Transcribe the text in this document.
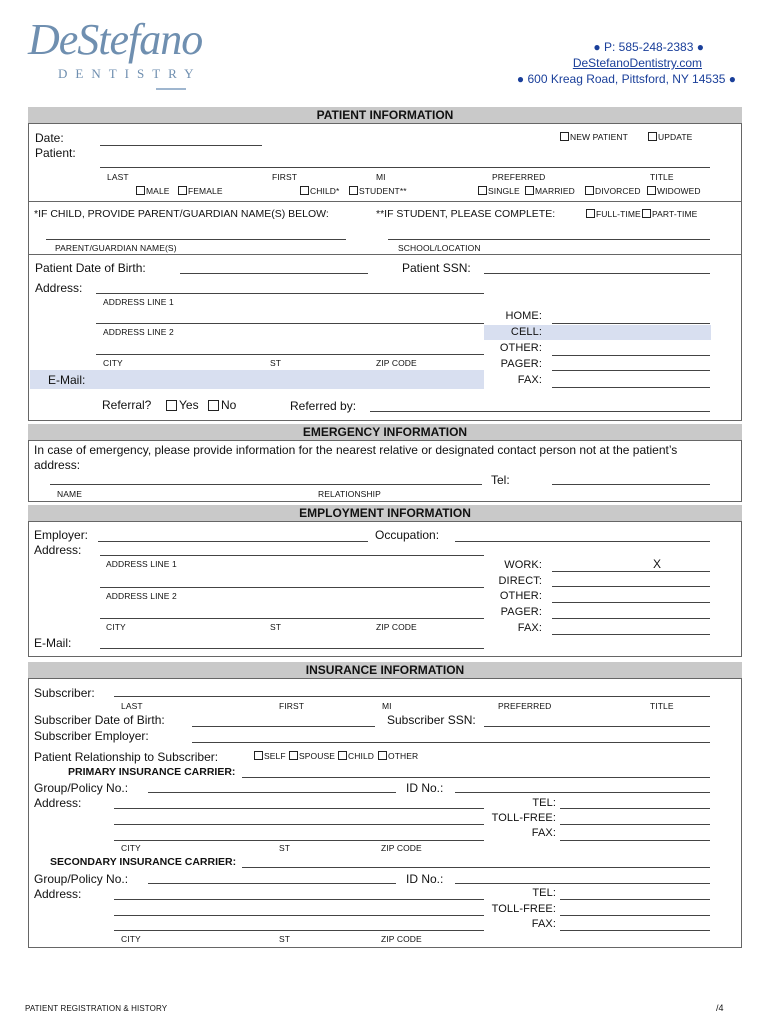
DeStefano
DENTISTRY
● P: 585-248-2383 ●
DeStefanoDentistry.com
● 600 Kreag Road, Pittsford, NY 14535 ●
PATIENT INFORMATION
Date:
Patient:
NEW PATIENT	UPDATE
LAST	FIRST	MI	PREFERRED	TITLE
MALE	FEMALE	CHILD*	STUDENT**	SINGLE	MARRIED	DIVORCED	WIDOWED
*IF CHILD, PROVIDE PARENT/GUARDIAN NAME(S) BELOW:	**IF STUDENT, PLEASE COMPLETE:	FULL-TIME	PART-TIME
PARENT/GUARDIAN NAME(S)	SCHOOL/LOCATION
Patient Date of Birth:	Patient SSN:
Address:
ADDRESS LINE 1
ADDRESS LINE 2
CITY	ST	ZIP CODE
E-Mail:
HOME:
CELL:
OTHER:
PAGER:
FAX:
Referral?	Yes	No	Referred by:
EMERGENCY INFORMATION
In case of emergency, please provide information for the nearest relative or designated contact person not at the patient’s
address:
Tel:
NAME	RELATIONSHIP
EMPLOYMENT INFORMATION
Employer:	Occupation:
Address:
ADDRESS LINE 1
ADDRESS LINE 2
CITY	ST	ZIP CODE
E-Mail:
WORK:	X
DIRECT:
OTHER:
PAGER:
FAX:
INSURANCE INFORMATION
Subscriber:
LAST	FIRST	MI	PREFERRED	TITLE
Subscriber Date of Birth:	Subscriber SSN:
Subscriber Employer:
Patient Relationship to Subscriber:	SELF	SPOUSE	CHILD	OTHER
PRIMARY INSURANCE CARRIER:
Group/Policy No.:	ID No.:
Address:
CITY	ST	ZIP CODE
TEL:
TOLL-FREE:
FAX:
SECONDARY INSURANCE CARRIER:
Group/Policy No.:	ID No.:
Address:
CITY	ST	ZIP CODE
TEL:
TOLL-FREE:
FAX:
PATIENT REGISTRATION & HISTORY	/4
